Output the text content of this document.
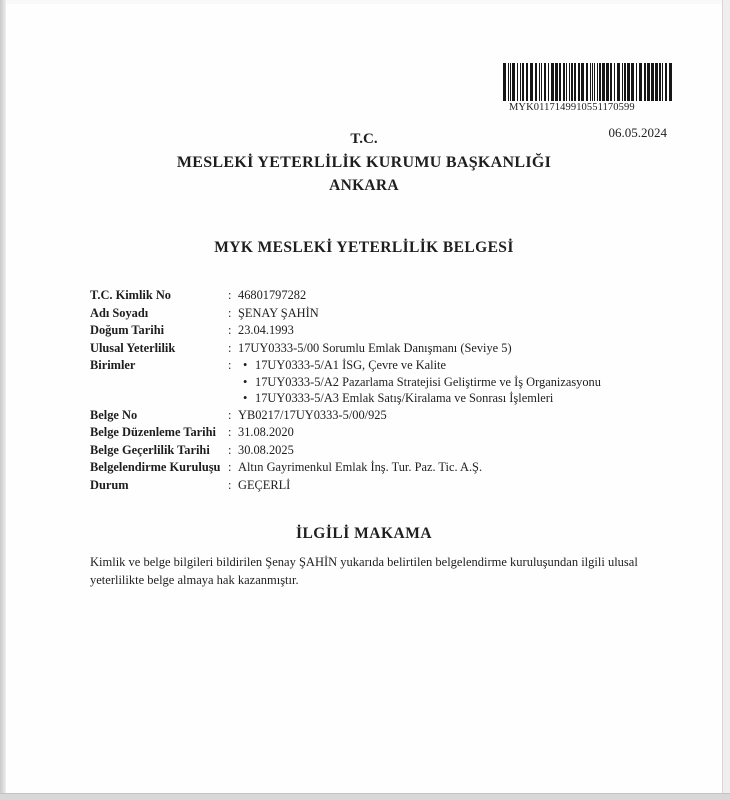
MYK0117149910551170599
06.05.2024
T.C.
MESLEKİ YETERLİLİK KURUMU BAŞKANLIĞI
ANKARA
MYK MESLEKİ YETERLİLİK BELGESİ
T.C. Kimlik No	: 46801797282
Adı Soyadı	: ŞENAY ŞAHİN
Doğum Tarihi	: 23.04.1993
Ulusal Yeterlilik	: 17UY0333-5/00 Sorumlu Emlak Danışmanı (Seviye 5)
Birimler	: • 17UY0333-5/A1 İSG, Çevre ve Kalite
• 17UY0333-5/A2 Pazarlama Stratejisi Geliştirme ve İş Organizasyonu
• 17UY0333-5/A3 Emlak Satış/Kiralama ve Sonrası İşlemleri
Belge No	: YB0217/17UY0333-5/00/925
Belge Düzenleme Tarihi : 31.08.2020
Belge Geçerlilik Tarihi	: 30.08.2025
Belgelendirme Kuruluşu : Altın Gayrimenkul Emlak İnş. Tur. Paz. Tic. A.Ş.
Durum	: GEÇERLİ
İLGİLİ MAKAMA
Kimlik ve belge bilgileri bildirilen Şenay ŞAHİN yukarıda belirtilen belgelendirme kuruluşundan ilgili ulusal
yeterlilikte belge almaya hak kazanmıştır.
